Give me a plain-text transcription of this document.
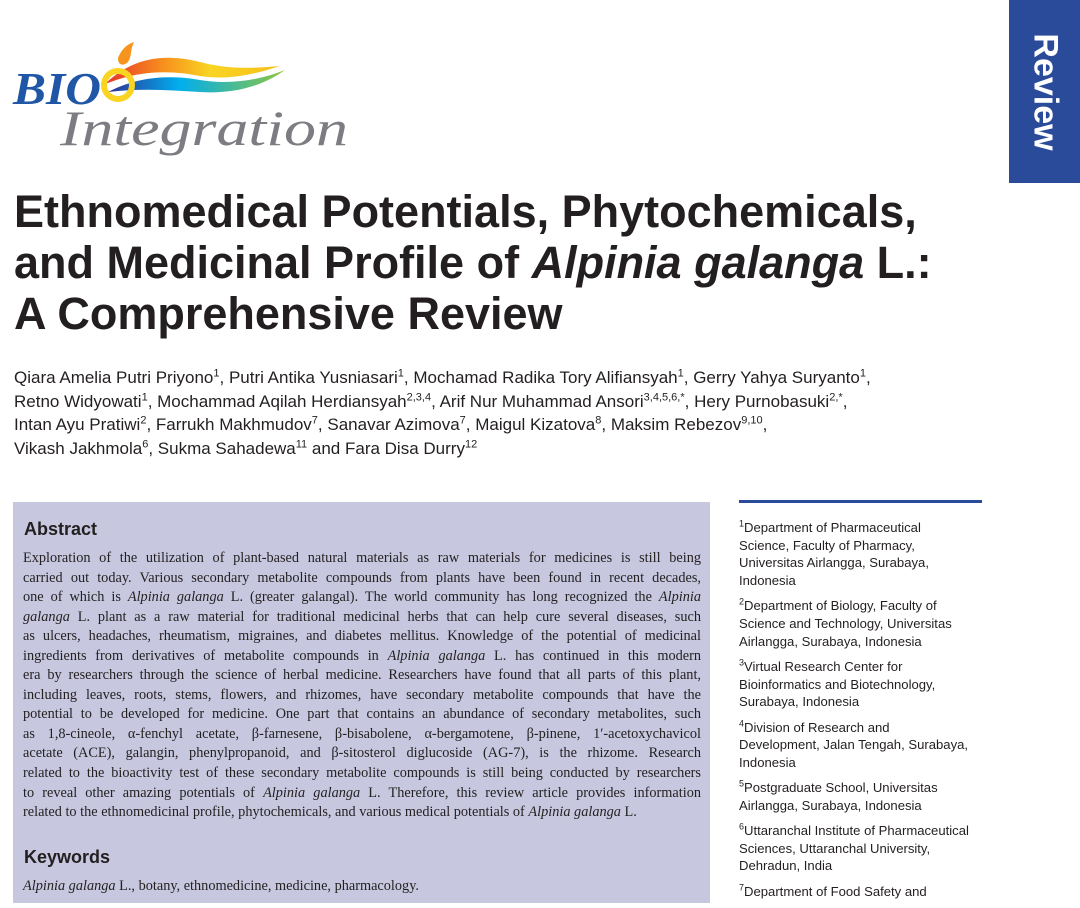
BIO
Integration	Review
Ethnomedical Potentials, Phytochemicals,
and Medicinal Profile of Alpinia galanga L.:
A Comprehensive Review
Qiara Amelia Putri Priyono$^1$, Putri Antika Yusniasari$^1$, Mochamad Radika Tory Alifiansyah$^1$, Gerry Yahya Suryanto$^1$,
Retno Widyowati$^1$, Mochammad Aqilah Herdiansyah$^{2,3,4}$, Arif Nur Muhammad Ansori$^{3,4,5,6,*}$, Hery Purnobasuki$^{2,*}$,
Intan Ayu Pratiwi$^2$, Farrukh Makhmudov$^7$, Sanavar Azimova$^7$, Maigul Kizatova$^8$, Maksim Rebezov$^{9,10}$,
Vikash Jakhmola$^6$, Sukma Sahadewa$^{11}$ and Fara Disa Durry$^{12}$
Abstract
Exploration of the utilization of plant-based natural materials as raw materials for medicines is still being
carried out today. Various secondary metabolite compounds from plants have been found in recent decades,
one of which is Alpinia galanga L. (greater galangal). The world community has long recognized the Alpinia
galanga L. plant as a raw material for traditional medicinal herbs that can help cure several diseases, such
as ulcers, headaches, rheumatism, migraines, and diabetes mellitus. Knowledge of the potential of medicinal
ingredients from derivatives of metabolite compounds in Alpinia galanga L. has continued in this modern
era by researchers through the science of herbal medicine. Researchers have found that all parts of this plant,
including leaves, roots, stems, flowers, and rhizomes, have secondary metabolite compounds that have the
potential to be developed for medicine. One part that contains an abundance of secondary metabolites, such
as 1,8-cineole, α-fenchyl acetate, β-farnesene, β-bisabolene, α-bergamotene, β-pinene, 1′-acetoxychavicol
acetate (ACE), galangin, phenylpropanoid, and β-sitosterol diglucoside (AG-7), is the rhizome. Research
related to the bioactivity test of these secondary metabolite compounds is still being conducted by researchers
to reveal other amazing potentials of Alpinia galanga L. Therefore, this review article provides information
related to the ethnomedicinal profile, phytochemicals, and various medical potentials of Alpinia galanga L.
Keywords
Alpinia galanga L., botany, ethnomedicine, medicine, pharmacology.
$^1$Department of Pharmaceutical
Science, Faculty of Pharmacy,
Universitas Airlangga, Surabaya,
Indonesia
$^2$Department of Biology, Faculty of
Science and Technology, Universitas
Airlangga, Surabaya, Indonesia
$^3$Virtual Research Center for
Bioinformatics and Biotechnology,
Surabaya, Indonesia
$^4$Division of Research and
Development, Jalan Tengah, Surabaya,
Indonesia
$^5$Postgraduate School, Universitas
Airlangga, Surabaya, Indonesia
$^6$Uttaranchal Institute of Pharmaceutical
Sciences, Uttaranchal University,
Dehradun, India
$^7$Department of Food Safety and
